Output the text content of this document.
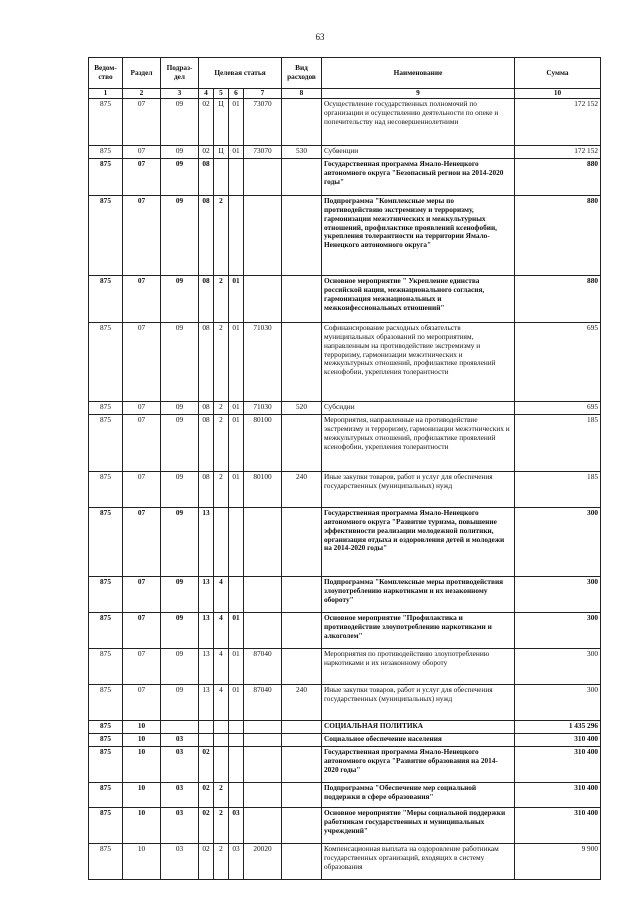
63
Ведом-ство	Раздел	Подраз-дел	Целевая статья				Вид расходов	Наименование	Сумма
1	2	3	4	5	6	7	8	9	10
875	07	09	02	Ц	01	73070		Осуществление государственных полномочий по организации и осуществлению деятельности по опеке и попечительству над несовершеннолетними	172 152
875	07	09	02	Ц	01	73070	530	Субвенции	172 152
875	07	09	08					Государственная программа Ямало-Ненецкого автономного округа "Безопасный регион на 2014-2020 годы"	880
875	07	09	08	2				Подпрограмма "Комплексные меры по противодействию экстремизму и терроризму, гармонизации межэтнических и межкультурных отношений, профилактике проявлений ксенофобии, укрепления толерантности на территории Ямало-Ненецкого автономного округа"	880
875	07	09	08	2	01			Основное мероприятие " Укрепление единства российской нации, межнационального согласия, гармонизация межнациональных и межконфессиональных отношений"	880
875	07	09	08	2	01	71030		Софинансирование расходных обязательств муниципальных образований по мероприятиям, направленным на противодействие экстремизму и терроризму, гармонизации межэтнических и межкультурных отношений, профилактике проявлений ксенофобии, укрепления толерантности	695
875	07	09	08	2	01	71030	520	Субсидии	695
875	07	09	08	2	01	80100		Мероприятия, направленные на противодействие экстремизму и терроризму, гармонизации межэтнических и межкультурных отношений, профилактике проявлений ксенофобии, укрепления толерантности	185
875	07	09	08	2	01	80100	240	Иные закупки товаров, работ и услуг для обеспечения государственных (муниципальных) нужд	185
875	07	09	13					Государственная программа Ямало-Ненецкого автономного округа "Развитие туризма, повышение эффективности реализации молодежной политики, организация отдыха и оздоровления детей и молодежи на 2014-2020 годы"	300
875	07	09	13	4				Подпрограмма "Комплексные меры противодействия злоупотреблению наркотиками и их незаконному обороту"	300
875	07	09	13	4	01			Основное мероприятие "Профилактика и противодействие злоупотреблению наркотиками и алкоголем"	300
875	07	09	13	4	01	87040		Мероприятия по противодействию злоупотреблению наркотиками и их незаконному обороту	300
875	07	09	13	4	01	87040	240	Иные закупки товаров, работ и услуг для обеспечения государственных (муниципальных) нужд	300
875	10							СОЦИАЛЬНАЯ ПОЛИТИКА	1 435 296
875	10	03						Социальное обеспечение населения	310 400
875	10	03	02					Государственная программа Ямало-Ненецкого автономного округа "Развитие образования на 2014-2020 годы"	310 400
875	10	03	02	2				Подпрограмма "Обеспечение мер социальной поддержки в сфере образования"	310 400
875	10	03	02	2	03			Основное мероприятие "Меры социальной поддержки работникам государственных и муниципальных учреждений"	310 400
875	10	03	02	2	03	20020		Компенсационная выплата на оздоровление работникам государственных организаций, входящих в систему образования	9 900
